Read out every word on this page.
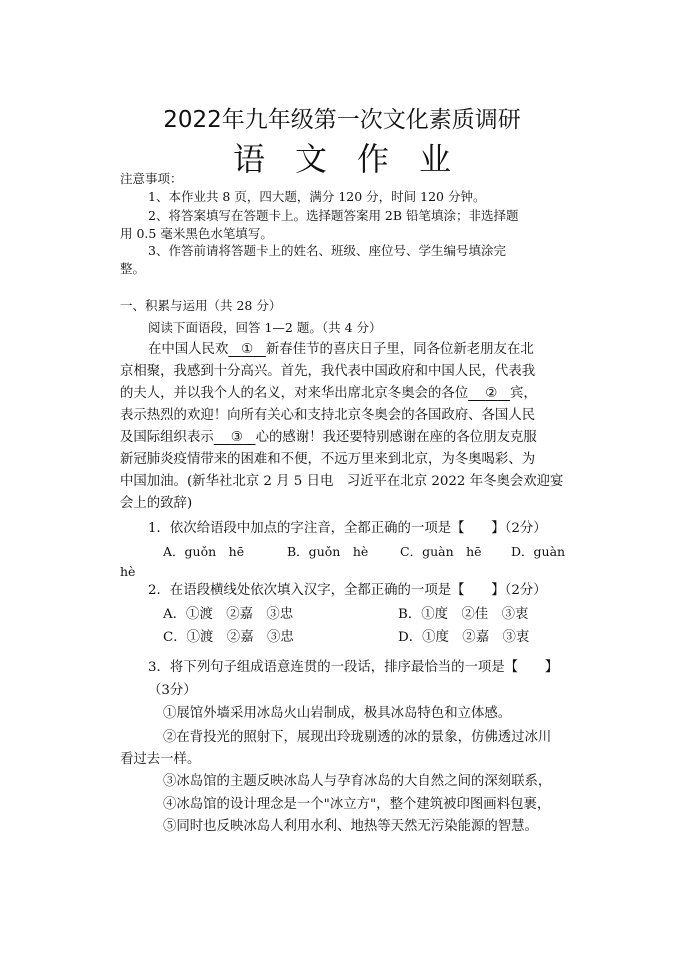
2022年九年级第一次文化素质调研
语文作业
注意事项：
1、本作业共 8 页，四大题，满分 120 分，时间 120 分钟。
2、将答案填写在答题卡上。选择题答案用 2B 铅笔填涂；非选择题
用 0.5 毫米黑色水笔填写。
3、作答前请将答题卡上的姓名、班级、座位号、学生编号填涂完
整。
一、积累与运用（共 28 分）
阅读下面语段，回答 1—2 题。（共 4 分）
在中国人民欢 ① 新春佳节的喜庆日子里，同各位新老朋友在北
京相聚，我感到十分高兴。首先，我代表中国政府和中国人民，代表我
的夫人，并以我个人的名义，对来华出席北京冬奥会的各位 ② 宾，
表示热烈的欢迎！向所有关心和支持北京冬奥会的各国政府、各国人民
及国际组织表示 ③ 心的感谢！我还要特别感谢在座的各位朋友克服
新冠肺炎疫情带来的困难和不便，不远万里来到北京，为冬奥喝彩、为
中国加油。(新华社北京 2 月 5 日电　习近平在北京 2022 年冬奥会欢迎宴
会上的致辞)
1．依次给语段中加点的字注音，全都正确的一项是【　　】（2分）
A．guǒn　hē	B．guǒn　hè	C．guàn　hē D．guàn
hè
2．在语段横线处依次填入汉字，全都正确的一项是【　　】（2分）
A．①渡　②嘉　③忠	B．①度　②佳　③衷
C．①渡　②嘉　③忠	D．①度　②嘉　③衷
3．将下列句子组成语意连贯的一段话，排序最恰当的一项是【　　】
（3分）
①展馆外墙采用冰岛火山岩制成，极具冰岛特色和立体感。
②在背投光的照射下，展现出玲珑剔透的冰的景象，仿佛透过冰川
看过去一样。
③冰岛馆的主题反映冰岛人与孕育冰岛的大自然之间的深刻联系，
④冰岛馆的设计理念是一个"冰立方"，整个建筑被印图画料包裹，
⑤同时也反映冰岛人利用水利、地热等天然无污染能源的智慧。
